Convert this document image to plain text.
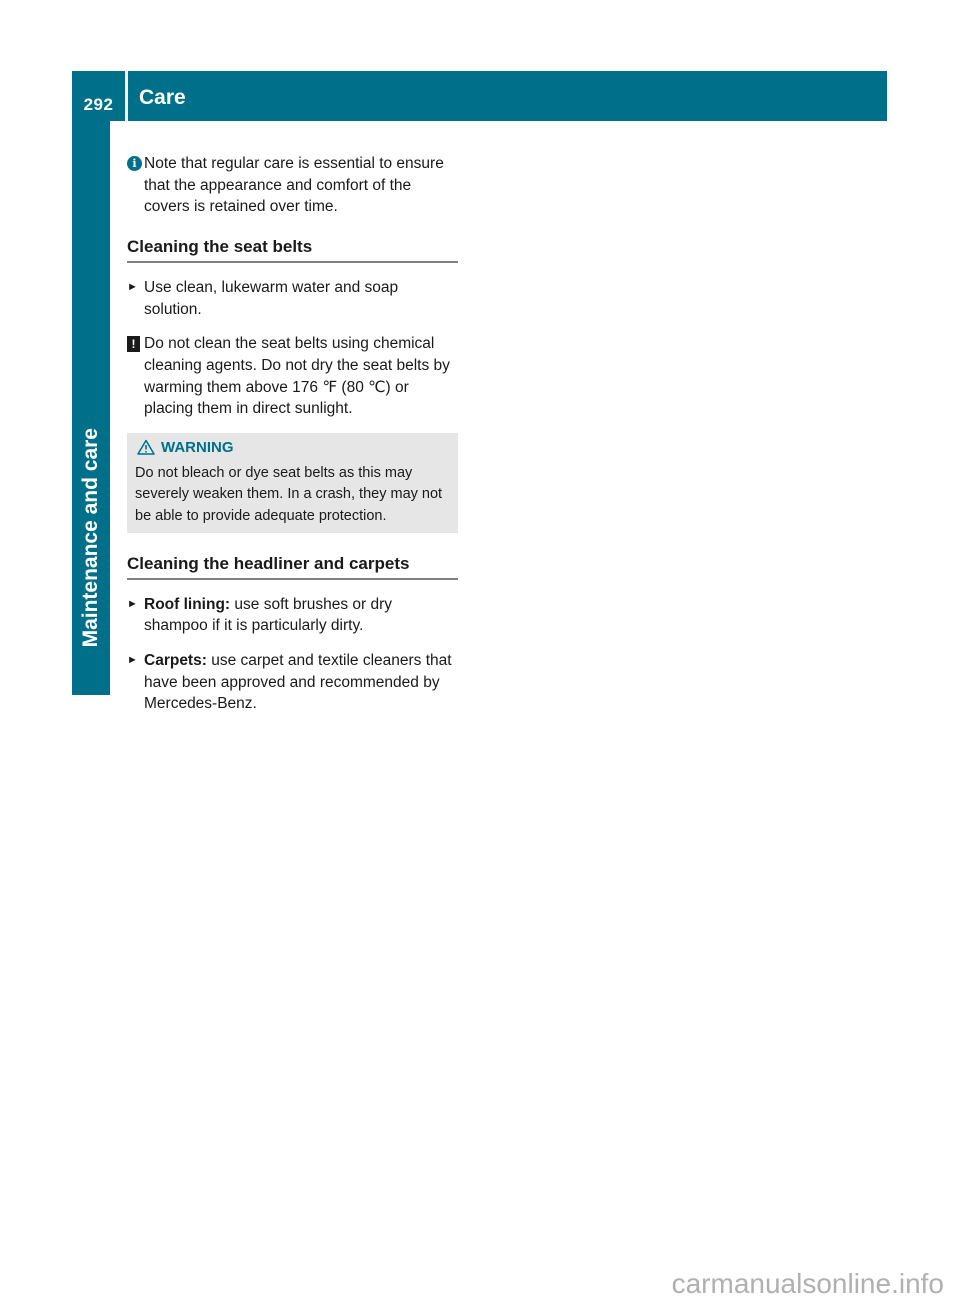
292	Care
Maintenance and care

i Note that regular care is essential to ensure that the appearance and comfort of the covers is retained over time.

Cleaning the seat belts

► Use clean, lukewarm water and soap solution.

! Do not clean the seat belts using chemical cleaning agents. Do not dry the seat belts by warming them above 176 ℉ (80 ℃) or placing them in direct sunlight.

WARNING
Do not bleach or dye seat belts as this may severely weaken them. In a crash, they may not be able to provide adequate protection.
Cleaning the headliner and carpets

► Roof lining: use soft brushes or dry shampoo if it is particularly dirty.

► Carpets: use carpet and textile cleaners that have been approved and recommended by Mercedes-Benz.

carmanualsonline.info
